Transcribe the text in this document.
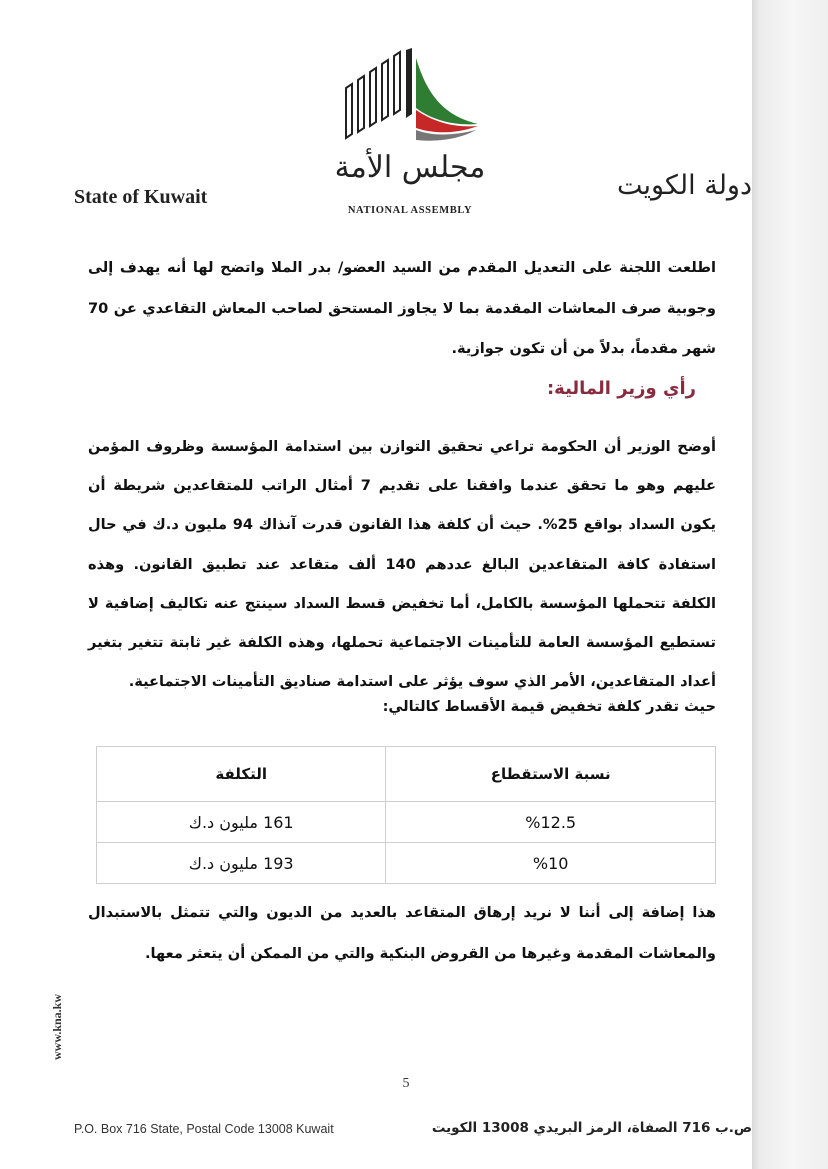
مجلس الأمة
NATIONAL ASSEMBLY
State of Kuwait	دولة الكويت
اطلعت اللجنة على التعديل المقدم من السيد العضو/ بدر الملا واتضح لها أنه يهدف إلى وجوبية صرف المعاشات المقدمة بما لا يجاوز المستحق لصاحب المعاش التقاعدي عن 70 شهر مقدماً، بدلاً من أن تكون جوازية.
رأي وزير المالية:
أوضح الوزير أن الحكومة تراعي تحقيق التوازن بين استدامة المؤسسة وظروف المؤمن عليهم وهو ما تحقق عندما وافقنا على تقديم 7 أمثال الراتب للمتقاعدين شريطة أن يكون السداد بواقع 25%. حيث أن كلفة هذا القانون قدرت آنذاك 94 مليون د.ك في حال استفادة كافة المتقاعدين البالغ عددهم 140 ألف متقاعد عند تطبيق القانون. وهذه الكلفة تتحملها المؤسسة بالكامل، أما تخفيض قسط السداد سينتج عنه تكاليف إضافية لا تستطيع المؤسسة العامة للتأمينات الاجتماعية تحملها، وهذه الكلفة غير ثابتة تتغير بتغير أعداد المتقاعدين، الأمر الذي سوف يؤثر على استدامة صناديق التأمينات الاجتماعية.
حيث تقدر كلفة تخفيض قيمة الأقساط كالتالي:
نسبة الاستقطاع	التكلفة
%12.5	161 مليون د.ك
%10	193 مليون د.ك
هذا إضافة إلى أننا لا نريد إرهاق المتقاعد بالعديد من الديون والتي تتمثل بالاستبدال والمعاشات المقدمة وغيرها من القروض البنكية والتي من الممكن أن يتعثر معها.
www.kna.kw
5
P.O. Box 716 State, Postal Code 13008 Kuwait	ص.ب 716 الصفاة، الرمز البريدي 13008 الكويت
